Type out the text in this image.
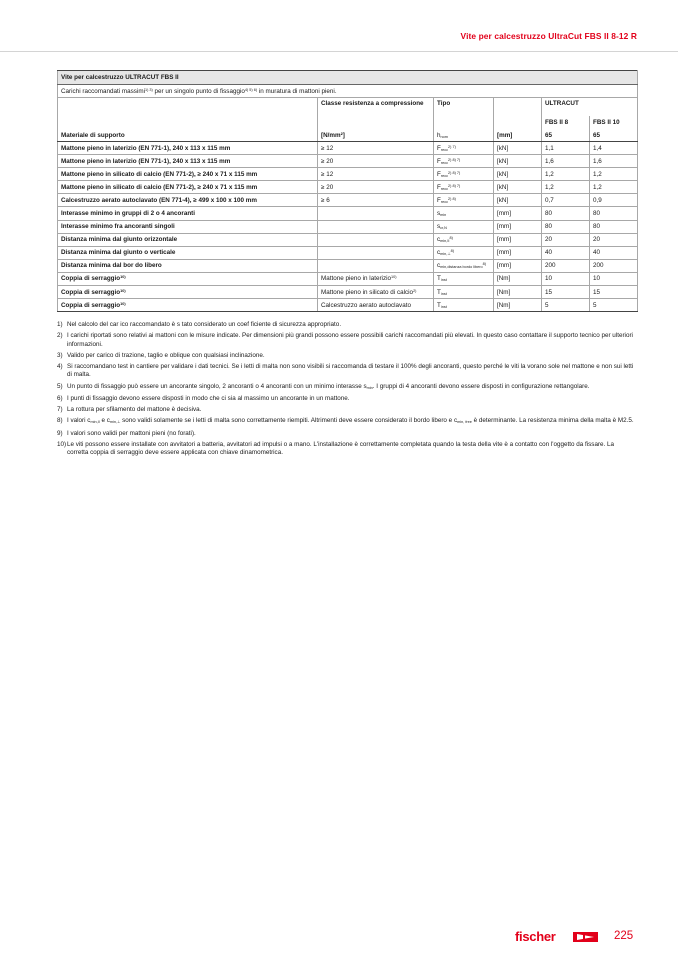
Vite per calcestruzzo UltraCut FBS II 8-12 R
Vite per calcestruzzo ULTRACUT FBS II					
Carichi raccomandati massimi$^{1) 3)}$ per un singolo punto di fissaggio$^{4) 5) 6)}$ in muratura di mattoni pieni.					
	Classe resistenza a compressione	Tipo		ULTRACUT	
				FBS II 8	FBS II 10
Materiale di supporto	[N/mm²]	$h_{nom}$	[mm]	65	65
Mattone pieno in laterizio (EN 771-1), 240 x 113 x 115 mm	≥ 12	$F_{recc}^{2) 7)}$	[kN]	1,1	1,4
Mattone pieno in laterizio (EN 771-1), 240 x 113 x 115 mm	≥ 20	$F_{recc}^{2) 8) 7)}$	[kN]	1,6	1,6
Mattone pieno in silicato di calcio (EN 771-2), ≥ 240 x 71 x 115 mm	≥ 12	$F_{recc}^{2) 8) 7)}$	[kN]	1,2	1,2
Mattone pieno in silicato di calcio (EN 771-2), ≥ 240 x 71 x 115 mm	≥ 20	$F_{recc}^{2) 8) 7)}$	[kN]	1,2	1,2
Calcestruzzo aerato autoclavato (EN 771-4), ≥ 499 x 100 x 100 mm	≥ 6	$F_{recc}^{2) 8)}$	[kN]	0,7	0,9
Interasse minimo in gruppi di 2 o 4 ancoranti		$s_{min}$	[mm]	80	80
Interasse minimo fra ancoranti singoli		$s_{cr,N}$	[mm]	80	80
Distanza minima dal giunto orizzontale		$c_{min,II}^{8)}$	[mm]	20	20
Distanza minima dal giunto o verticale		$c_{min,\perp}^{8)}$	[mm]	40	40
Distanza minima dal bor do libero		$c_{min,distanza bordo libero}^{8)}$	[mm]	200	200
Coppia di serraggio$^{10)}$	Mattone pieno in laterizio$^{10)}$	$T_{inst}$	[Nm]	10	10
Coppia di serraggio$^{10)}$	Mattone pieno in silicato di calcio$^{2)}$	$T_{inst}$	[Nm]	15	15
Coppia di serraggio$^{10)}$	Calcestruzzo aerato autoclavato	$T_{inst}$	[Nm]	5	5
1) Nel calcolo del car ico raccomandato è s tato considerato un coef ficiente di sicurezza appropriato.
2) I carichi riportati sono relativi ai mattoni con le misure indicate. Per dimensioni più grandi possono essere possibili carichi raccomandati più elevati. In questo caso contattare il supporto tecnico per ulteriori informazioni.
3) Valido per carico di trazione, taglio e oblique con qualsiasi inclinazione.
4) Si raccomandano test in cantiere per validare i dati tecnici. Se i letti di malta non sono visibili si raccomanda di testare il 100% degli ancoranti, questo perché le viti la vorano sole nel mattone e non sui letti di malta.
5) Un punto di fissaggio può essere un ancorante singolo, 2 ancoranti o 4 ancoranti con un minimo interasse $s_{min}$. I gruppi di 4 ancoranti devono essere disposti in configurazione rettangolare.
6) I punti di fissaggio devono essere disposti in modo che ci sia al massimo un ancorante in un mattone.
7) La rottura per sfilamento del mattone è decisiva.
8) I valori $c_{min,II}$ e $c_{min,\perp}$ sono validi solamente se i letti di malta sono correttamente riempiti. Altrimenti deve essere considerato il bordo libero e $c_{min, free}$ è determinante. La resistenza minima della malta è M2.5.
9) I valori sono validi per mattoni pieni (no forati).
10) Le viti possono essere installate con avvitatori a batteria, avvitatori ad impulsi o a mano. L'installazione è correttamente completata quando la testa della vite è a contatto con l'oggetto da fissare. La corretta coppia di serraggio deve essere applicata con chiave dinamometrica.
fischer	225
